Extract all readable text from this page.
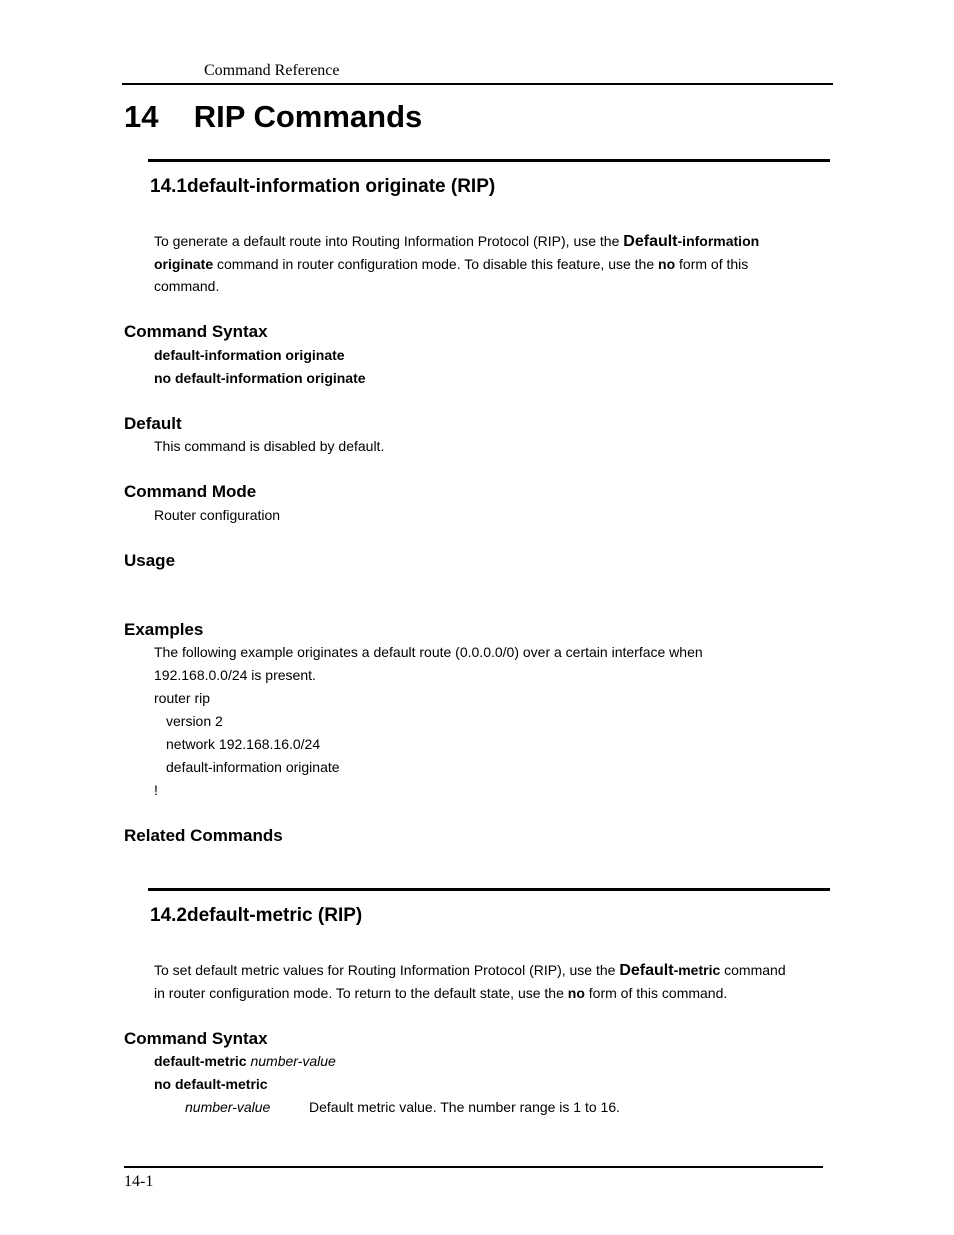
Command Reference
14 RIP Commands
14.1default-information originate (RIP)
To generate a default route into Routing Information Protocol (RIP), use the Default-information
originate command in router configuration mode. To disable this feature, use the no form of this
command.
Command Syntax
default-information originate
no default-information originate
Default
This command is disabled by default.
Command Mode
Router configuration
Usage
Examples
The following example originates a default route (0.0.0.0/0) over a certain interface when
192.168.0.0/24 is present.
router rip
version 2
network 192.168.16.0/24
default-information originate
!
Related Commands
14.2default-metric (RIP)
To set default metric values for Routing Information Protocol (RIP), use the Default-metric command
in router configuration mode. To return to the default state, use the no form of this command.
Command Syntax
default-metric number-value
no default-metric
number-value	Default metric value. The number range is 1 to 16.
14-1
